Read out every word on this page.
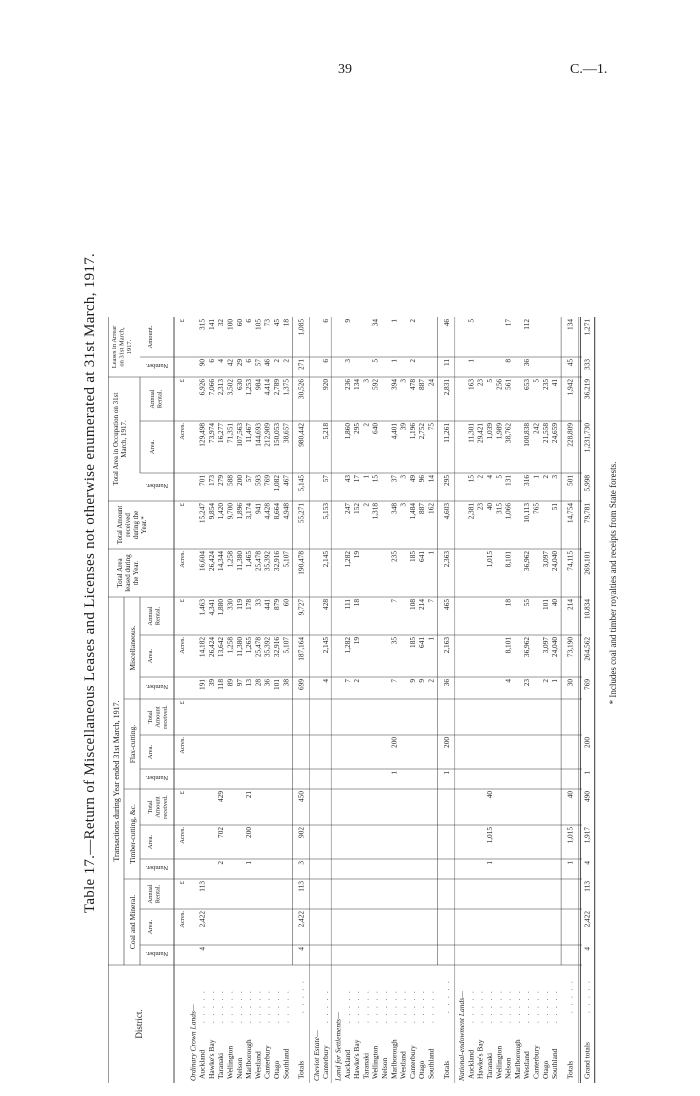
39	C.—1.
Table 17.—Return of Miscellaneous Leases and Licenses not otherwise enumerated at 31st March, 1917.
District.
Transactions during Year ended 31st March, 1917.
Coal and Mineral.
Timber-cutting, &c.
Flax-cutting.
Miscellaneous.
Total Arealeased duringthe Year.
Total Amountreceivedduring theYear.*
Total Area in Occupation on 31stMarch, 1917.
Leases in Arrearon 31st March,1917.
Number.
Area.
AnnualRental.
Number.
Area.
TotalAmountreceived.
Number.
Area.
TotalAmountreceived.
Number.
Area.
AnnualRental.
Number.
Area.
AnnualRental.
Number.
Amount.
Acres.
£
Acres.
£
Acres.
£
Acres.
£
Acres.
£
Acres.
£
£
Ordinary Crown Lands— Auckland
. . . . .
4
2,422
113
191
14,182
1,463
16,604
15,247
701
129,498
6,926
90
315
Hawke's Bay
. . . . .
39
26,424
4,341
26,424
9,854
173
73,974
7,066
6
141
Taranaki
. . . . .
2
702
429
118
13,642
1,880
14,344
1,420
279
16,277
2,313
4
32
Wellington
. . . . .
89
1,258
330
1,258
9,700
588
71,351
3,502
42
100
Nelson
. . . . .
97
11,380
119
11,380
1,896
200
107,563
630
29
60
Marlborough
. . . . .
1
200
21
13
1,265
178
1,465
3,174
57
11,467
1,253
6
6
Westland
. . . . .
28
25,478
33
25,478
941
593
144,693
984
57
105
Canterbury
. . . . .
36
35,392
441
35,392
4,428
769
212,909
4,414
46
73
Otago
. . . . .
101
32,916
879
32,916
8,664
1,082
150,053
2,789
2
45
Southland
. . . . .
38
5,107
60
5,107
4,948
467
38,657
1,375
2
18
Totals
. . . . .
4
2,422
113
3
902
450
699
187,164
9,727
190,478
55,271
5,145
980,442
30,526
271
1,085
Cheviot Estate— Canterbury
. . . . .
4
2,145
428
2,145
5,153
57
5,218
920
6
6
Land for Settlements— Auckland
. . . . .
7
1,282
111
1,282
247
43
1,860
236
3
9
Hawke's Bay
. . . . .
2
19
18
19
152
17
295
134
Taranaki
. . . . .
2
1
2
3
Wellington
. . . . .
1,318
15
640
592
5
34
Nelson
. . . . .
Marlborough
. . . . .
1
200
7
35
7
235
348
37
4,401
394
1
1
Westland
. . . . .
3
3
39
3
Canterbury
. . . . .
9
185
108
185
1,484
49
1,196
478
2
2
Otago
. . . . .
9
641
214
641
887
96
2,752
887
Southland
. . . . .
2
1
7
1
162
14
75
24
Totals
. . . . .
1
200
36
2,163
465
2,363
4,603
295
11,261
2,831
11
46
National-endowment Lands— Auckland
. . . . .
2,381
15
11,301
163
1
5
Hawke's Bay
. . . . .
23
2
29,421
23
Taranaki
. . . . .
1
1,015
40
1,015
40
4
1,039
5
Wellington
. . . . .
315
5
1,989
256
Nelson
. . . . .
4
8,101
18
8,101
1,066
131
38,762
561
8
17
Marlborough
. . . . .
Westland
. . . . .
23
36,962
55
36,962
10,113
316
100,838
653
36
112
Canterbury
. . . . .
765
1
242
5
Otago
. . . . .
2
3,097
101
3,097
2
21,558
235
Southland
. . . . .
1
24,040
40
24,040
51
3
24,659
41
Totals
. . . . .
1
1,015
40
30
73,190
214
74,115
14,754
501
228,809
1,942
45
134
Grand totals
. . . . .
4
2,422
113
4
1,917
490
1
200
769
264,562
10,834
269,101
79,781
5,998
1,231,730
36,219
333
1,271
* Includes coal and timber royalties and receipts from State forests.
